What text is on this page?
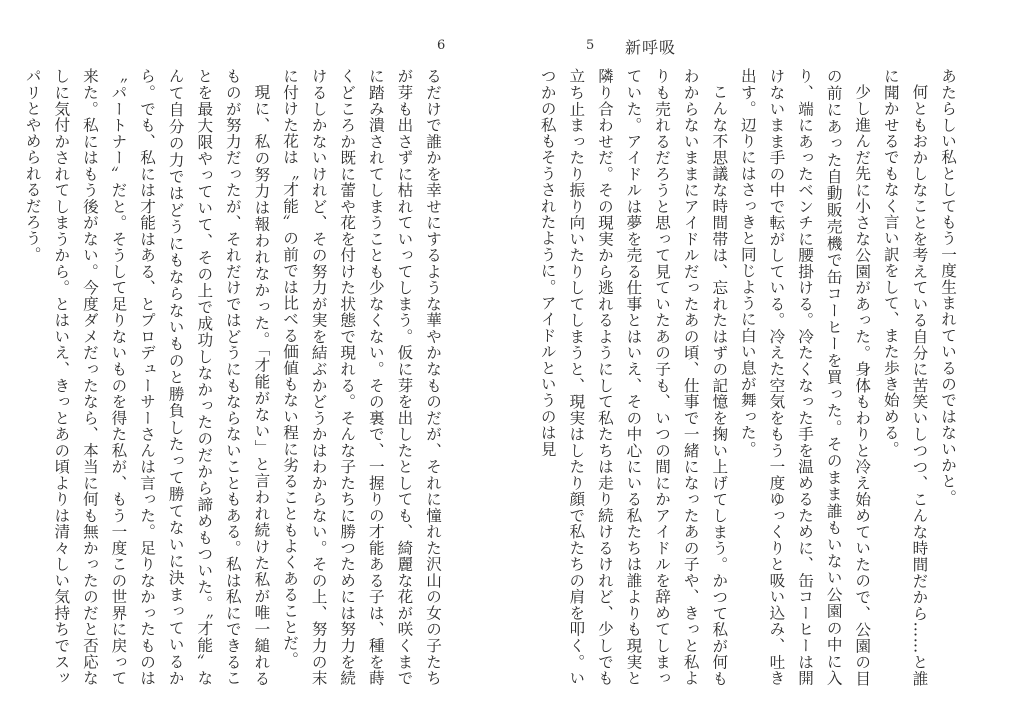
6

るだけで誰かを幸せにするような華やかなものだが、それに憧れた沢山の女の子たちが芽も出さずに枯れていってしまう。仮に芽を出したとしても、綺麗な花が咲くまでに踏み潰されてしまうことも少なくない。その裏で、一握りの才能ある子は、種を蒔くどころか既に蕾や花を付けた状態で現れる。そんな子たちに勝つためには努力を続けるしかないけれど、その努力が実を結ぶかどうかはわからない。その上、努力の末に付けた花は〝才能〟の前では比べる価値もない程に劣ることもよくあることだ。

現に、私の努力は報われなかった。「才能がない」と言われ続けた私が唯一縋れるものが努力だったが、それだけではどうにもならないこともある。私は私にできることを最大限やっていて、その上で成功しなかったのだから諦めもついた。〝才能〟なんて自分の力ではどうにもならないものと勝負したって勝てないに決まっているから。でも、私には才能はある、とプロデューサーさんは言った。足りなかったものは〝パートナー〟だと。そうして足りないものを得た私が、もう一度この世界に戻って来た。私にはもう後がない。今度ダメだったなら、本当に何も無かったのだと否応なしに気付かされてしまうから。とはいえ、きっとあの頃よりは清々しい気持ちでスッパリとやめられるだろう。

5 新呼吸

あたらしい私としてもう一度生まれているのではないかと。

何ともおかしなことを考えている自分に苦笑いしつつ、こんな時間だから……と誰に聞かせるでもなく言い訳をして、また歩き始める。

少し進んだ先に小さな公園があった。身体もわりと冷え始めていたので、公園の目の前にあった自動販売機で缶コーヒーを買った。そのまま誰もいない公園の中に入り、端にあったベンチに腰掛ける。冷たくなった手を温めるために、缶コーヒーは開けないまま手の中で転がしている。冷えた空気をもう一度ゆっくりと吸い込み、吐き出す。辺りにはさっきと同じように白い息が舞った。

こんな不思議な時間帯は、忘れたはずの記憶を掬い上げてしまう。かつて私が何もわからないままにアイドルだったあの頃、仕事で一緒になったあの子や、きっと私よりも売れるだろうと思って見ていたあの子も、いつの間にかアイドルを辞めてしまっていた。アイドルは夢を売る仕事とはいえ、その中心にいる私たちは誰よりも現実と隣り合わせだ。その現実から逃れるようにして私たちは走り続けるけれど、少しでも立ち止まったり振り向いたりしてしまうと、現実はしたり顔で私たちの肩を叩く。いつかの私もそうされたように。アイドルというのは見
